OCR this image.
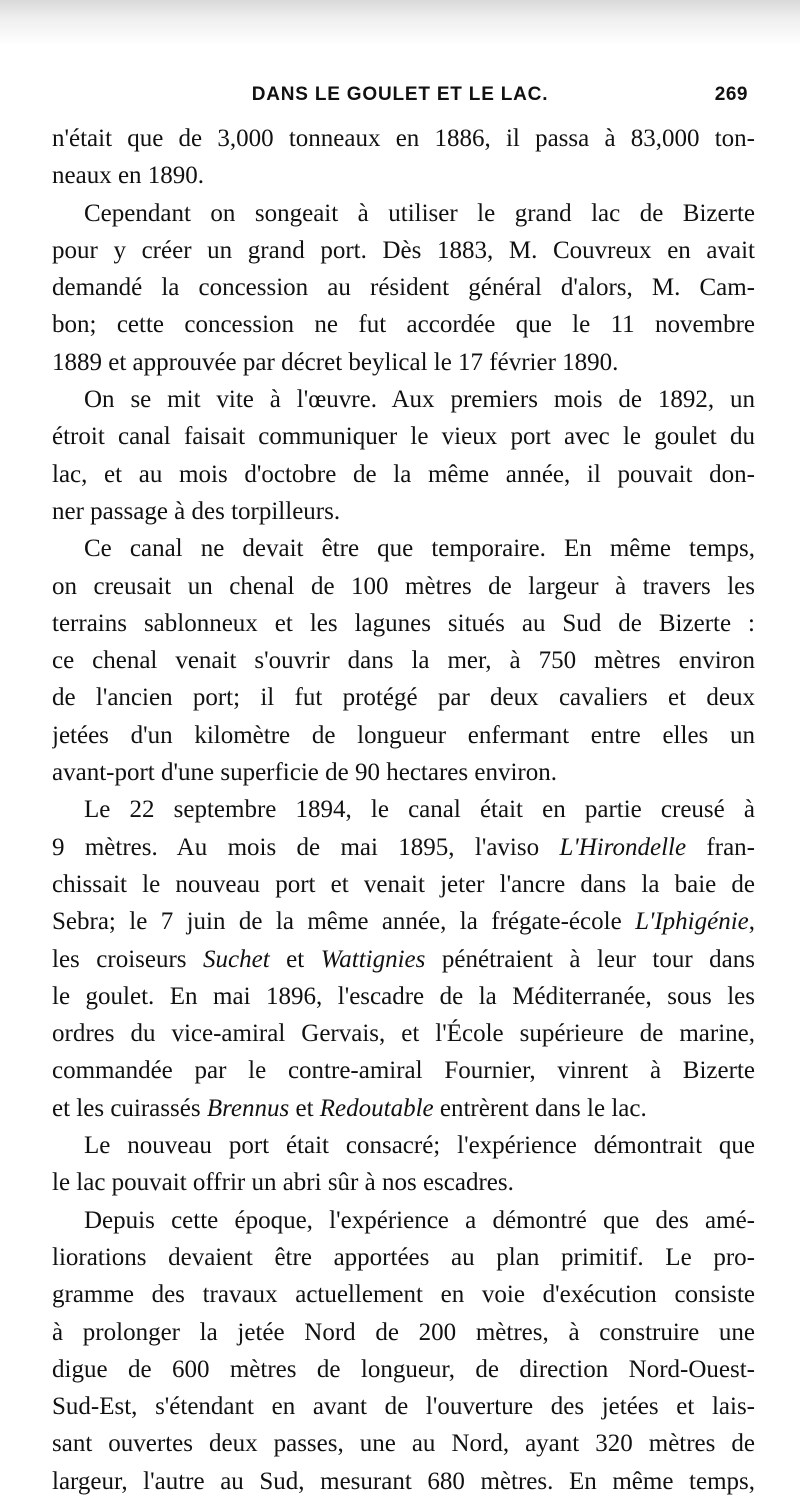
DANS LE GOULET ET LE LAC.	269
n'était que de 3,000 tonneaux en 1886, il passa à 83,000 ton-
neaux en 1890.
Cependant on songeait à utiliser le grand lac de Bizerte
pour y créer un grand port. Dès 1883, M. Couvreux en avait
demandé la concession au résident général d'alors, M. Cam-
bon; cette concession ne fut accordée que le 11 novembre
1889 et approuvée par décret beylical le 17 février 1890.
On se mit vite à l'œuvre. Aux premiers mois de 1892, un
étroit canal faisait communiquer le vieux port avec le goulet du
lac, et au mois d'octobre de la même année, il pouvait don-
ner passage à des torpilleurs.
Ce canal ne devait être que temporaire. En même temps,
on creusait un chenal de 100 mètres de largeur à travers les
terrains sablonneux et les lagunes situés au Sud de Bizerte :
ce chenal venait s'ouvrir dans la mer, à 750 mètres environ
de l'ancien port; il fut protégé par deux cavaliers et deux
jetées d'un kilomètre de longueur enfermant entre elles un
avant-port d'une superficie de 90 hectares environ.
Le 22 septembre 1894, le canal était en partie creusé à
9 mètres. Au mois de mai 1895, l'aviso L'Hirondelle fran-
chissait le nouveau port et venait jeter l'ancre dans la baie de
Sebra; le 7 juin de la même année, la frégate-école L'Iphigénie,
les croiseurs Suchet et Wattignies pénétraient à leur tour dans
le goulet. En mai 1896, l'escadre de la Méditerranée, sous les
ordres du vice-amiral Gervais, et l'École supérieure de marine,
commandée par le contre-amiral Fournier, vinrent à Bizerte
et les cuirassés Brennus et Redoutable entrèrent dans le lac.
Le nouveau port était consacré; l'expérience démontrait que
le lac pouvait offrir un abri sûr à nos escadres.
Depuis cette époque, l'expérience a démontré que des amé-
liorations devaient être apportées au plan primitif. Le pro-
gramme des travaux actuellement en voie d'exécution consiste
à prolonger la jetée Nord de 200 mètres, à construire une
digue de 600 mètres de longueur, de direction Nord-Ouest-
Sud-Est, s'étendant en avant de l'ouverture des jetées et lais-
sant ouvertes deux passes, une au Nord, ayant 320 mètres de
largeur, l'autre au Sud, mesurant 680 mètres. En même temps,
